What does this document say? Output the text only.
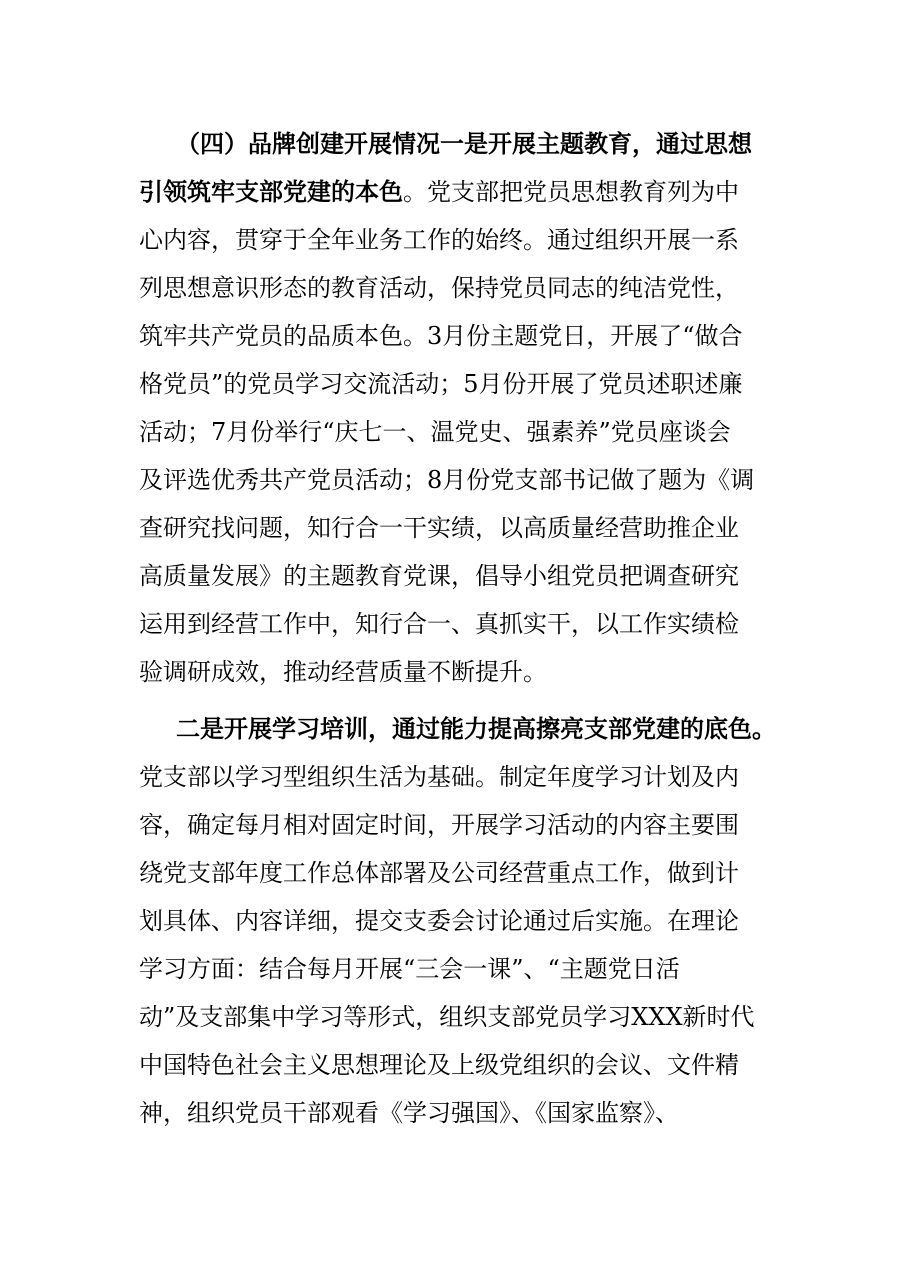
（四）品牌创建开展情况一是开展主题教育，通过思想
引领筑牢支部党建的本色。党支部把党员思想教育列为中
心内容，贯穿于全年业务工作的始终。通过组织开展一系
列思想意识形态的教育活动，保持党员同志的纯洁党性，
筑牢共产党员的品质本色。3月份主题党日，开展了“做合
格党员”的党员学习交流活动；5月份开展了党员述职述廉
活动；7月份举行“庆七一、温党史、强素养”党员座谈会
及评选优秀共产党员活动；8月份党支部书记做了题为《调
查研究找问题，知行合一干实绩，以高质量经营助推企业
高质量发展》的主题教育党课，倡导小组党员把调查研究
运用到经营工作中，知行合一、真抓实干，以工作实绩检
验调研成效，推动经营质量不断提升。
二是开展学习培训，通过能力提高擦亮支部党建的底色。
党支部以学习型组织生活为基础。制定年度学习计划及内
容，确定每月相对固定时间，开展学习活动的内容主要围
绕党支部年度工作总体部署及公司经营重点工作，做到计
划具体、内容详细，提交支委会讨论通过后实施。在理论
学习方面：结合每月开展“三会一课”、“主题党日活
动”及支部集中学习等形式，组织支部党员学习XXX新时代
中国特色社会主义思想理论及上级党组织的会议、文件精
神，组织党员干部观看《学习强国》、《国家监察》、
